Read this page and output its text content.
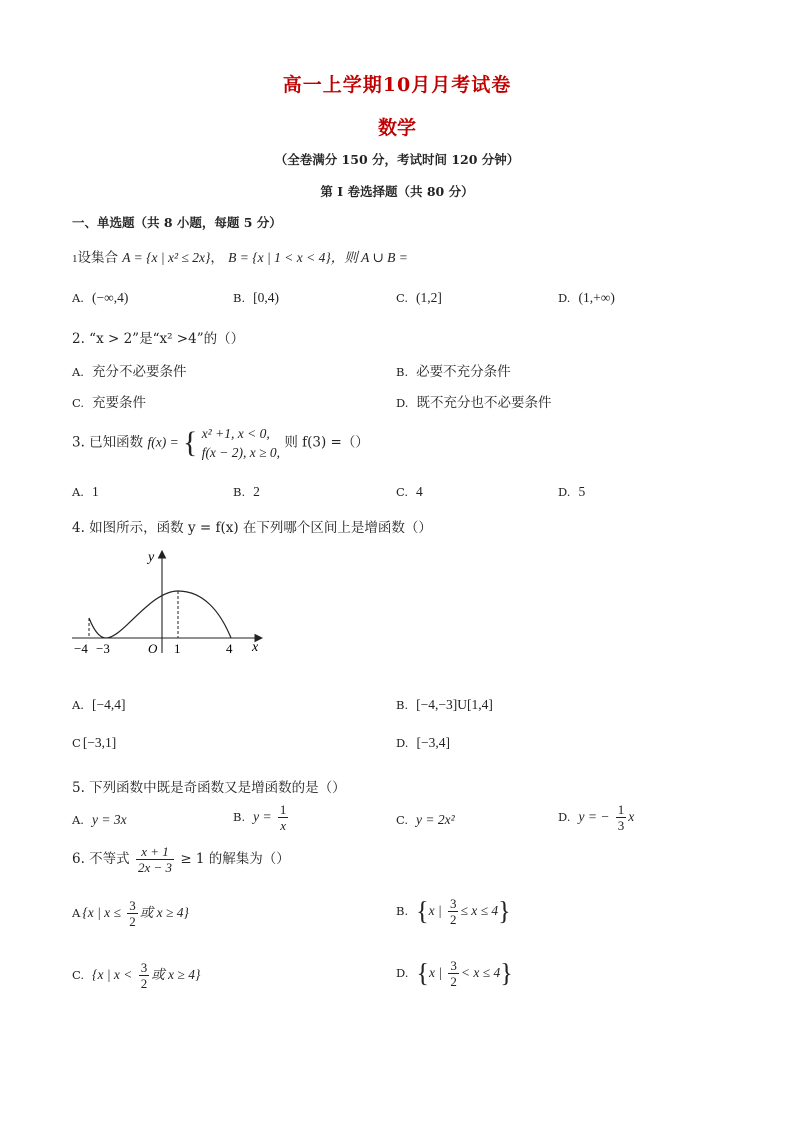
高一上学期10月月考试卷
数学
（全卷满分 150 分，考试时间 120 分钟）
第 I 卷选择题（共 80 分）
一、单选题（共 8 小题，每题 5 分）
1设集合 A = {x | x² ≤ 2x}， B = {x | 1 < x < 4}，则 A ∪ B =
A. (−∞,4)	B. [0,4)	C. (1,2]	D. (1,+∞)
2. “x > 2”是“x² >4”的（）
A. 充分不必要条件	B. 必要不充分条件
C. 充要条件	D. 既不充分也不必要条件
3. 已知函数 f(x) = { x² +1, x < 0,
f(x − 2), x ≥ 0,
则 f(3) =（）
A. 1	B. 2	C. 4	D. 5
4. 如图所示，函数 y = f(x) 在下列哪个区间上是增函数（）
y
x
O
−4 −3	1	4
A. [−4,4]	B. [−4,−3]U[1,4]
C [−3,1]	D. [−3,4]
5. 下列函数中既是奇函数又是增函数的是（）
A. y = 3x	B. $y = \frac{1}{x}$	C. y = 2x²	D. y = − $\frac{1}{3}$ x
6. 不等式 $\frac{x + 1}{2x - 3} \ge 1$ 的解集为（）
A {x | $x \le \frac{3}{2}$ 或 x ≥ 4}	B. {x | $\frac{3}{2} \le x \le 4$}
C. {x | $x < \frac{3}{2}$ 或 x ≥ 4}	D. {x | $\frac{3}{2} < x \le 4$}
